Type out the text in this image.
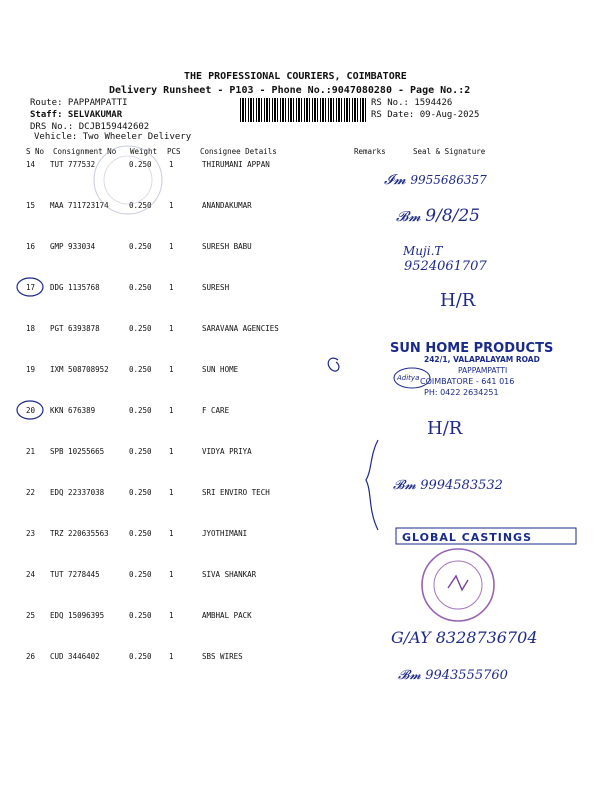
THE PROFESSIONAL COURIERS, COIMBATORE
Delivery Runsheet - P103 - Phone No.:9047080280 - Page No.:2
Route: PAPPAMPATTI
Staff: SELVAKUMAR
DRS No.: DCJB159442602
Vehicle: Two Wheeler Delivery
RS No.: 1594426
RS Date: 09-Aug-2025
S No Consignment No Weight PCS	Consignee Details	Remarks	Seal & Signature
14 TUT 777532	0.250 1	THIRUMANI APPAN
15 MAA 711723174	0.250 1	ANANDAKUMAR
16 GMP 933034	0.250 1	SURESH BABU
17 DDG 1135768	0.250 1	SURESH
18 PGT 6393878	0.250 1	SARAVANA AGENCIES
19 IXM 508708952	0.250 1	SUN HOME
20 KKN 676389	0.250 1	F CARE
21 SPB 10255665	0.250 1	VIDYA PRIYA
22 EDQ 22337038	0.250 1	SRI ENVIRO TECH
23 TRZ 220635563	0.250 1	JYOTHIMANI
24 TUT 7278445	0.250 1	SIVA SHANKAR
25 EDQ 15096395	0.250 1	AMBHAL PACK
26 CUD 3446402	0.250 1	SBS WIRES
𝓘𝓶 9955686357
𝓑𝓶 9/8/25
Muji.T
9524061707
H/R
H/R
𝓑𝓶 9994583532
G/AY 8328736704
𝓑𝓶 9943555760
SUN HOME PRODUCTS
242/1, VALAPALAYAM ROAD
PAPPAMPATTI
Aditya COIMBATORE - 641 016
PH: 0422 2634251
GLOBAL CASTINGS
